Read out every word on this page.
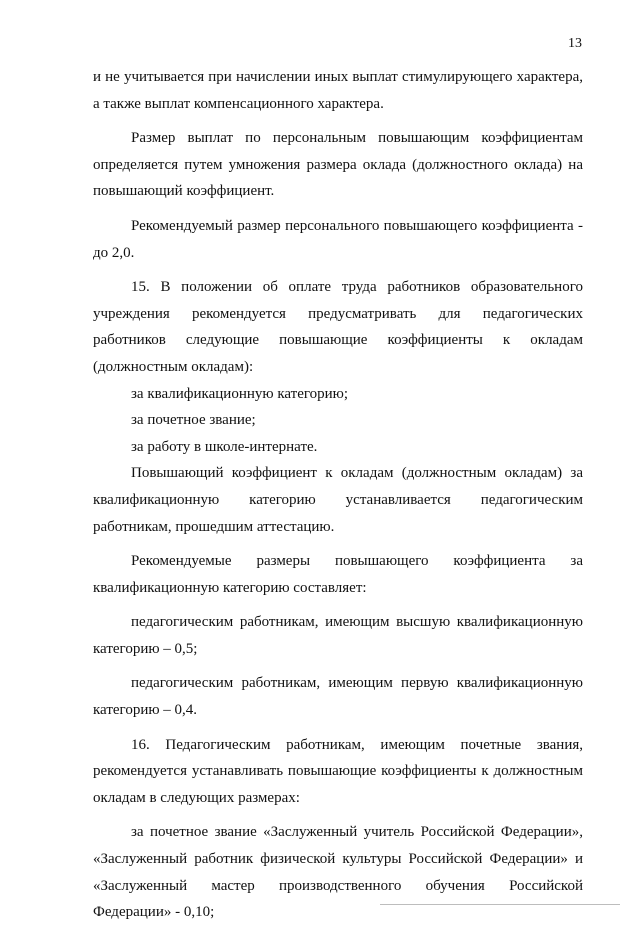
13

и не учитывается при начислении иных выплат стимулирующего характера, а также выплат компенсационного характера.

Размер выплат по персональным повышающим коэффициентам определяется путем умножения размера оклада (должностного оклада) на повышающий коэффициент.

Рекомендуемый размер персонального повышающего коэффициента - до 2,0.

15. В положении об оплате труда работников образовательного учреждения рекомендуется предусматривать для педагогических работников следующие повышающие коэффициенты к окладам (должностным окладам):

за квалификационную категорию;

за почетное звание;

за работу в школе-интернате.

Повышающий коэффициент к окладам (должностным окладам) за квалификационную категорию устанавливается педагогическим работникам, прошедшим аттестацию.

Рекомендуемые размеры повышающего коэффициента за квалификационную категорию составляет:

педагогическим работникам, имеющим высшую квалификационную категорию – 0,5;

педагогическим работникам, имеющим первую квалификационную категорию – 0,4.

16. Педагогическим работникам, имеющим почетные звания, рекомендуется устанавливать повышающие коэффициенты к должностным окладам в следующих размерах:

за почетное звание «Заслуженный учитель Российской Федерации», «Заслуженный работник физической культуры Российской Федерации» и «Заслуженный мастер производственного обучения Российской Федерации» - 0,10;
